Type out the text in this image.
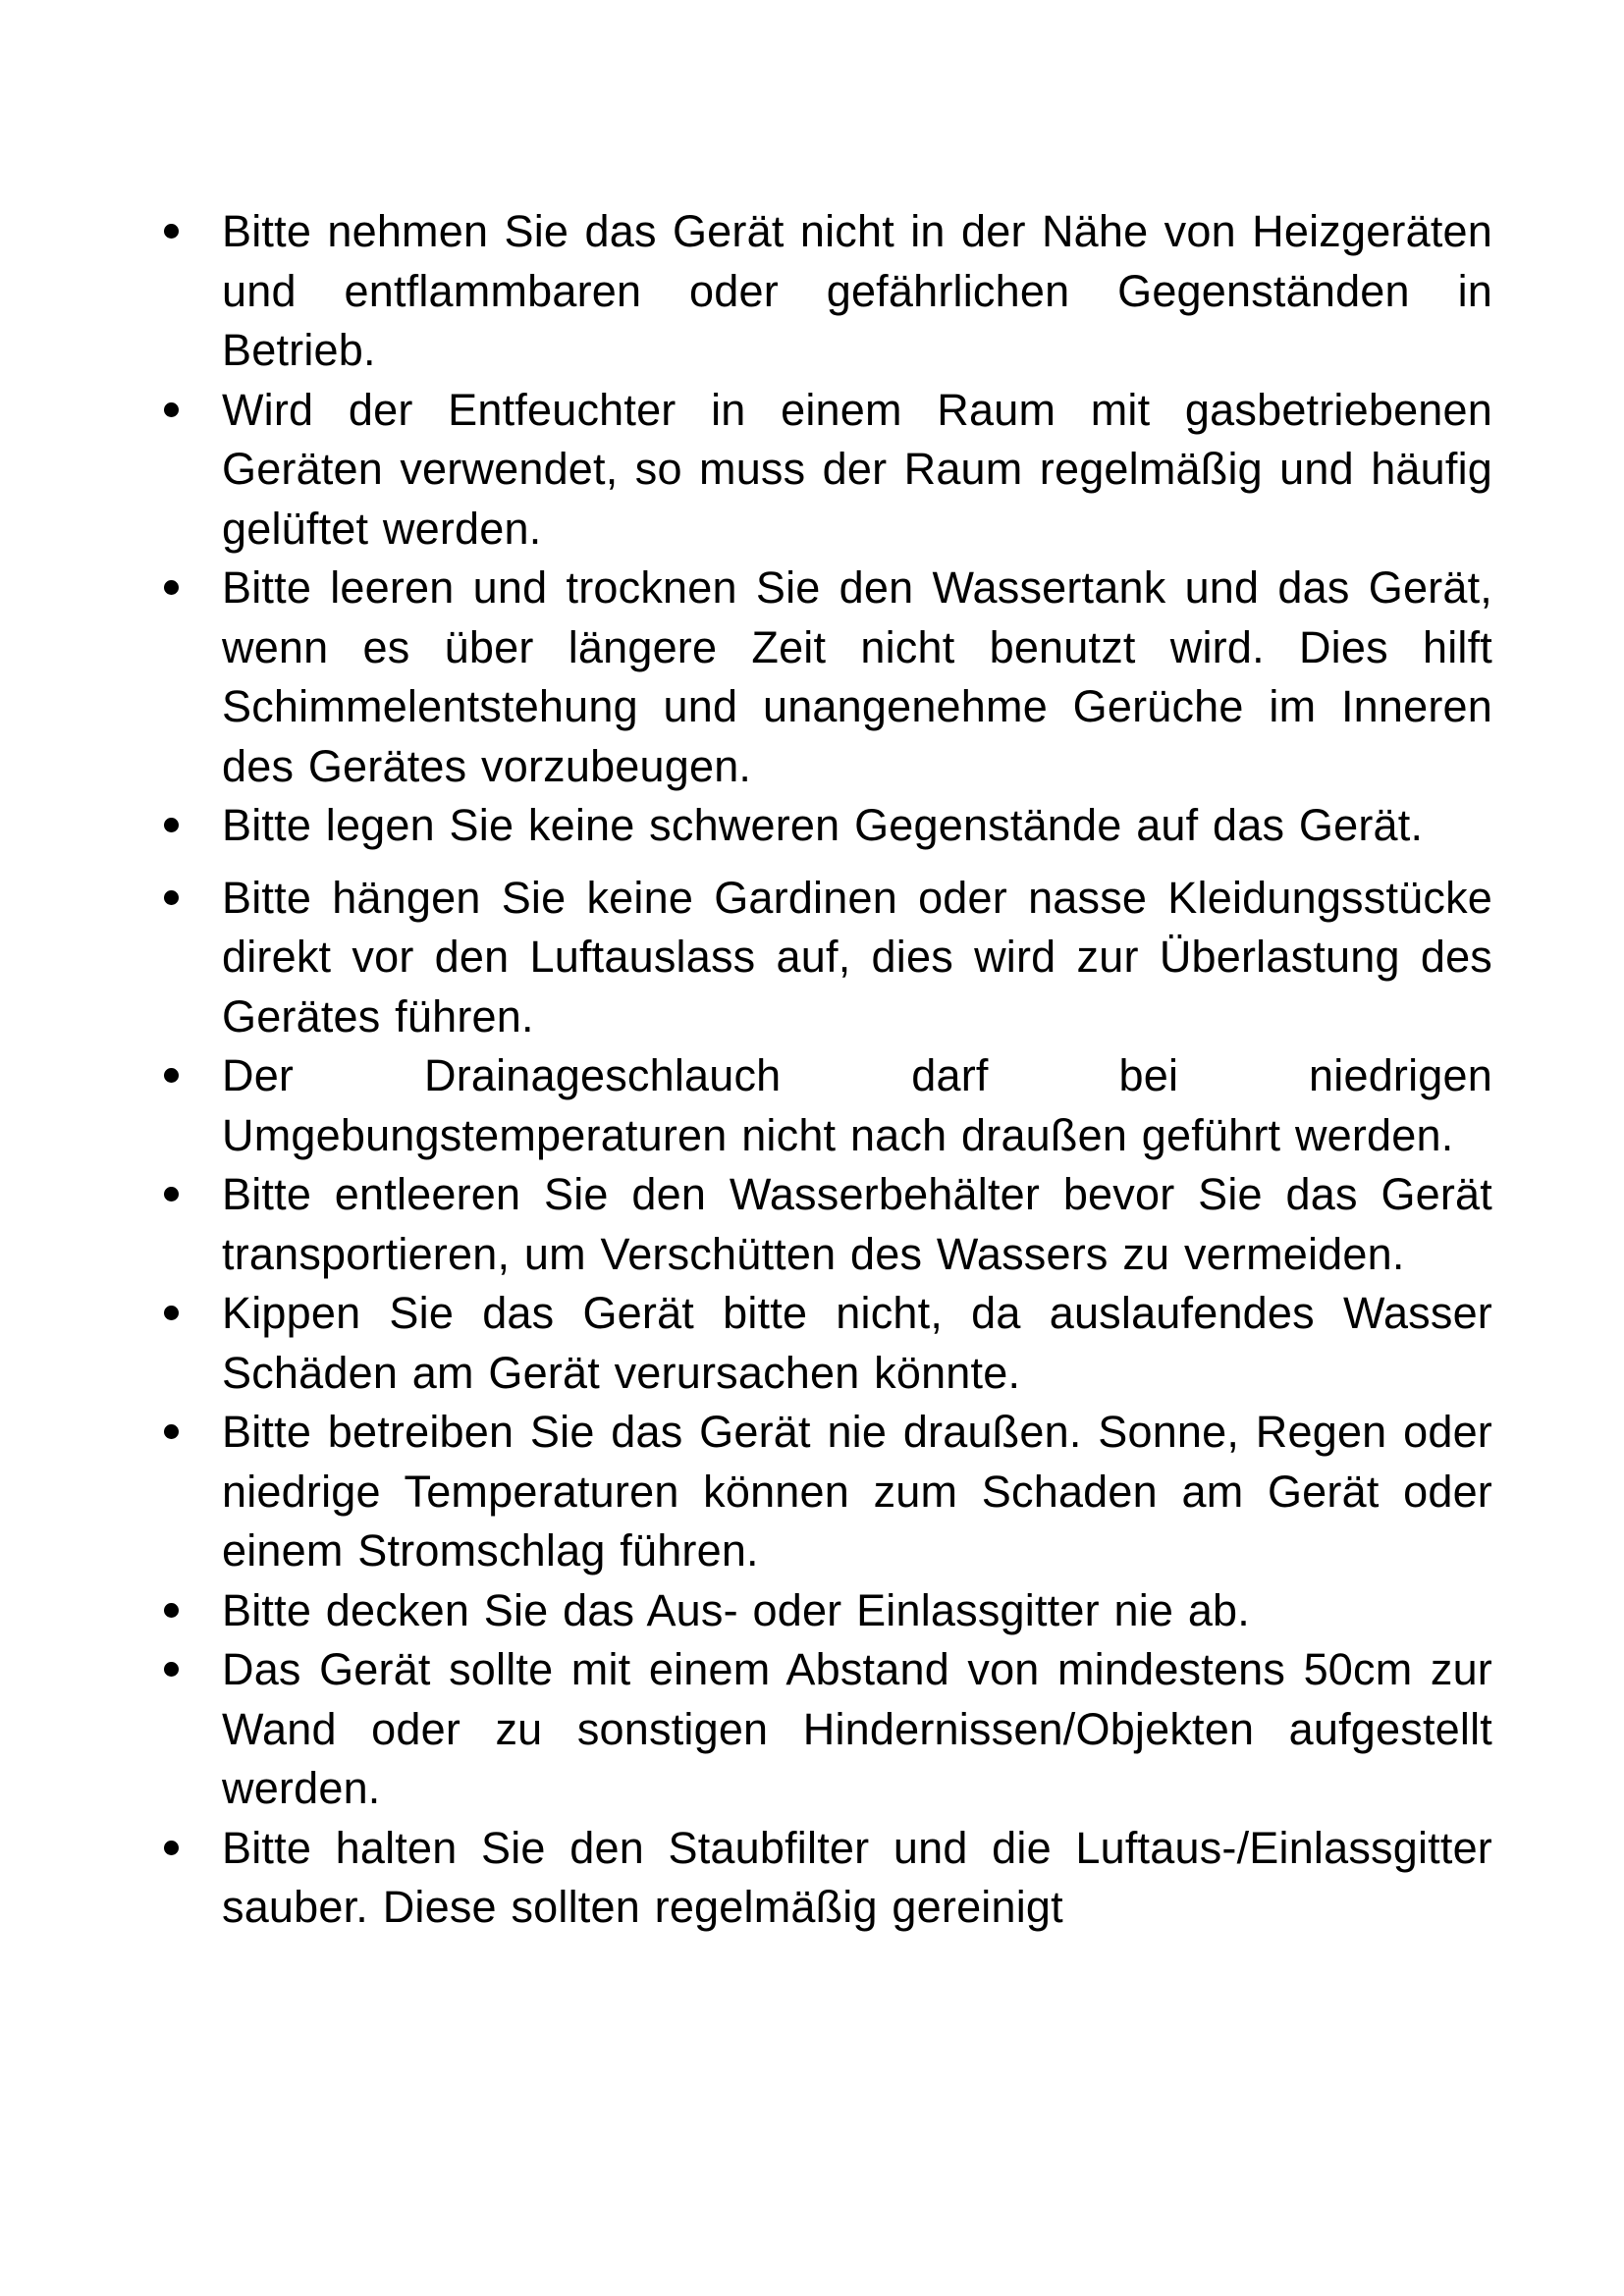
Bitte nehmen Sie das Gerät nicht in der Nähe von Heizgeräten und entflammbaren oder gefährlichen Gegenständen in Betrieb.
Wird der Entfeuchter in einem Raum mit gasbetriebenen Geräten verwendet, so muss der Raum regelmäßig und häufig gelüftet werden.
Bitte leeren und trocknen Sie den Wassertank und das Gerät, wenn es über längere Zeit nicht benutzt wird. Dies hilft Schimmelentstehung und unangenehme Gerüche im Inneren des Gerätes vorzubeugen.
Bitte legen Sie keine schweren Gegenstände auf das Gerät.
Bitte hängen Sie keine Gardinen oder nasse Kleidungsstücke direkt vor den Luftauslass auf, dies wird zur Überlastung des Gerätes führen.
Der Drainageschlauch darf bei niedrigen Umgebungstemperaturen nicht nach draußen geführt werden.
Bitte entleeren Sie den Wasserbehälter bevor Sie das Gerät transportieren, um Verschütten des Wassers zu vermeiden.
Kippen Sie das Gerät bitte nicht, da auslaufendes Wasser Schäden am Gerät verursachen könnte.
Bitte betreiben Sie das Gerät nie draußen. Sonne, Regen oder niedrige Temperaturen können zum Schaden am Gerät oder einem Stromschlag führen.
Bitte decken Sie das Aus- oder Einlassgitter nie ab.
Das Gerät sollte mit einem Abstand von mindestens 50cm zur Wand oder zu sonstigen Hindernissen/Objekten aufgestellt werden.
Bitte halten Sie den Staubfilter und die Luftaus-/Einlassgitter sauber. Diese sollten regelmäßig gereinigt
